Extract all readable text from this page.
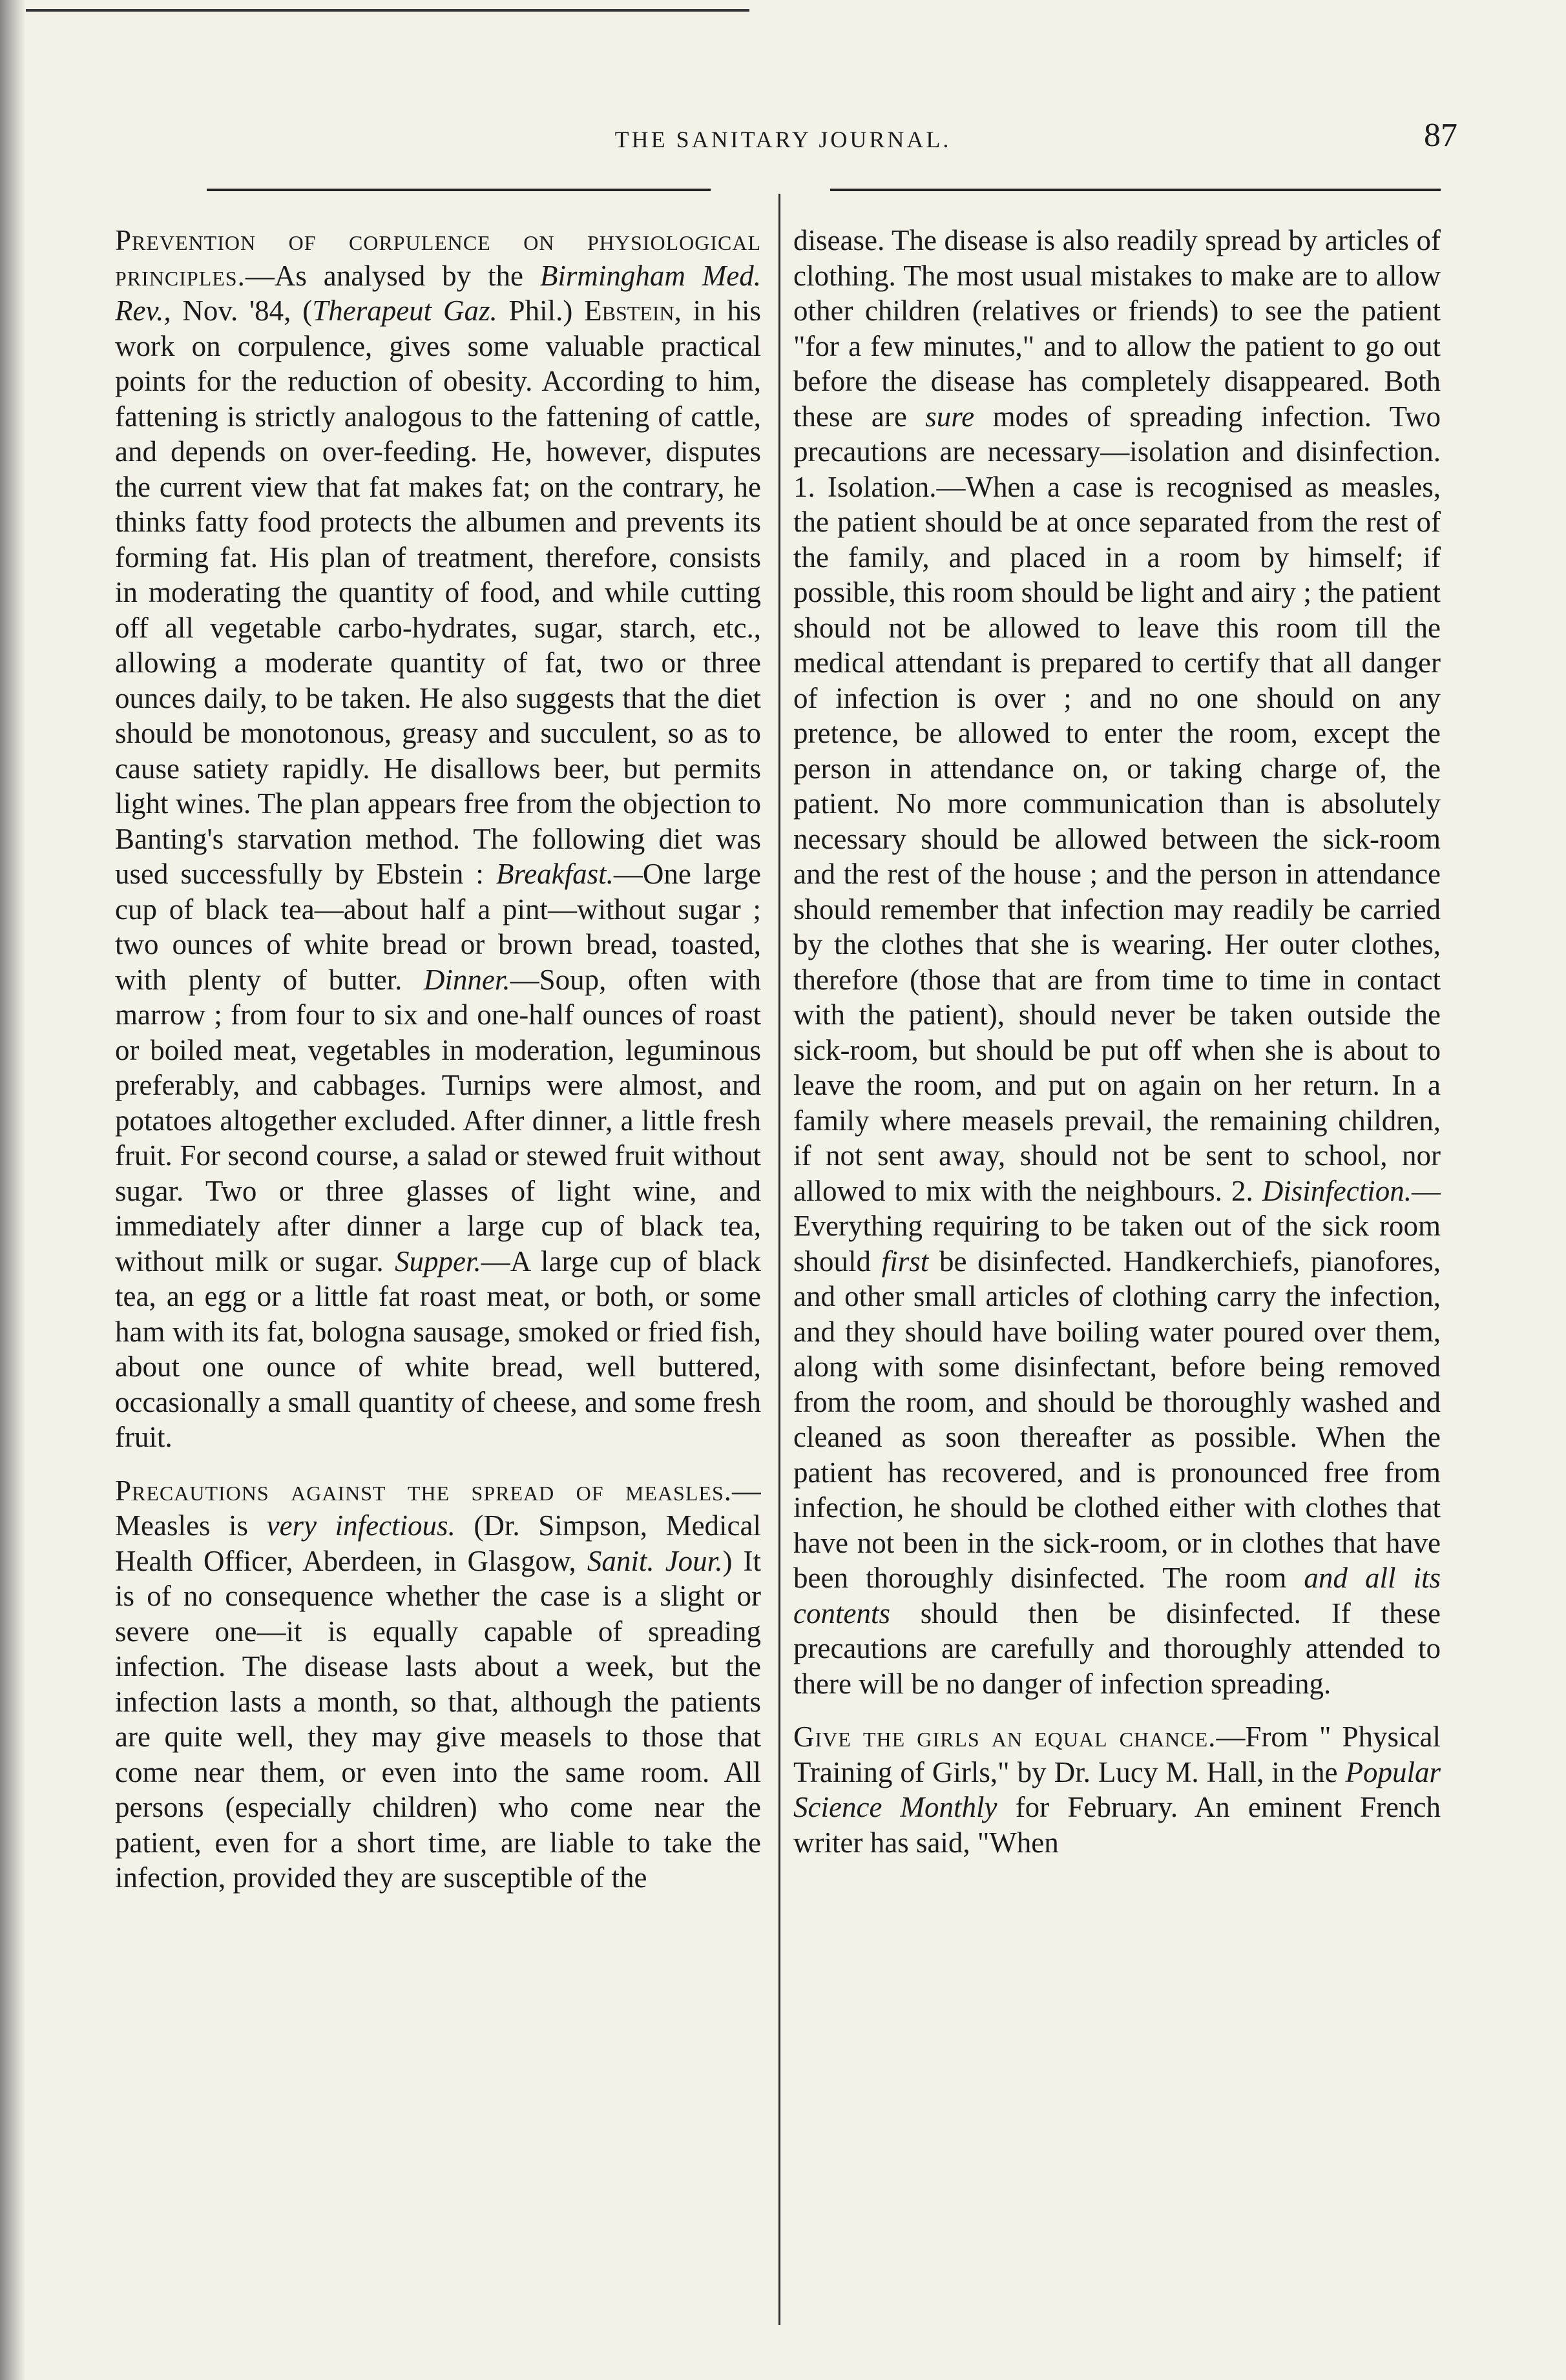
THE SANITARY JOURNAL.	87

Prevention of corpulence on physiological principles.—As analysed by the Birmingham Med. Rev., Nov. '84, (Therapeut Gaz. Phil.) Ebstein, in his work on corpulence, gives some valuable practical points for the reduction of obesity. According to him, fattening is strictly analogous to the fattening of cattle, and depends on over-feeding. He, however, disputes the current view that fat makes fat; on the contrary, he thinks fatty food protects the albumen and prevents its forming fat. His plan of treatment, therefore, consists in moderating the quantity of food, and while cutting off all vegetable carbo-hydrates, sugar, starch, etc., allowing a moderate quantity of fat, two or three ounces daily, to be taken. He also suggests that the diet should be monotonous, greasy and succulent, so as to cause satiety rapidly. He disallows beer, but permits light wines. The plan appears free from the objection to Banting's starvation method. The following diet was used successfully by Ebstein : Breakfast.—One large cup of black tea—about half a pint—without sugar ; two ounces of white bread or brown bread, toasted, with plenty of butter. Dinner.—Soup, often with marrow ; from four to six and one-half ounces of roast or boiled meat, vegetables in moderation, leguminous preferably, and cabbages. Turnips were almost, and potatoes altogether excluded. After dinner, a little fresh fruit. For second course, a salad or stewed fruit without sugar. Two or three glasses of light wine, and immediately after dinner a large cup of black tea, without milk or sugar. Supper.—A large cup of black tea, an egg or a little fat roast meat, or both, or some ham with its fat, bologna sausage, smoked or fried fish, about one ounce of white bread, well buttered, occasionally a small quantity of cheese, and some fresh fruit.

Precautions against the spread of measles.—Measles is very infectious. (Dr. Simpson, Medical Health Officer, Aberdeen, in Glasgow, Sanit. Jour.) It is of no consequence whether the case is a slight or severe one—it is equally capable of spreading infection. The disease lasts about a week, but the infection lasts a month, so that, although the patients are quite well, they may give measels to those that come near them, or even into the same room. All persons (especially children) who come near the patient, even for a short time, are liable to take the infection, provided they are susceptible of the

disease. The disease is also readily spread by articles of clothing. The most usual mistakes to make are to allow other children (relatives or friends) to see the patient "for a few minutes," and to allow the patient to go out before the disease has completely disappeared. Both these are sure modes of spreading infection. Two precautions are necessary—isolation and disinfection. 1. Isolation.—When a case is recognised as measles, the patient should be at once separated from the rest of the family, and placed in a room by himself; if possible, this room should be light and airy ; the patient should not be allowed to leave this room till the medical attendant is prepared to certify that all danger of infection is over ; and no one should on any pretence, be allowed to enter the room, except the person in attendance on, or taking charge of, the patient. No more communication than is absolutely necessary should be allowed between the sick-room and the rest of the house ; and the person in attendance should remember that infection may readily be carried by the clothes that she is wearing. Her outer clothes, therefore (those that are from time to time in contact with the patient), should never be taken outside the sick-room, but should be put off when she is about to leave the room, and put on again on her return. In a family where measels prevail, the remaining children, if not sent away, should not be sent to school, nor allowed to mix with the neighbours. 2. Disinfection.—Everything requiring to be taken out of the sick room should first be disinfected. Handkerchiefs, pianofores, and other small articles of clothing carry the infection, and they should have boiling water poured over them, along with some disinfectant, before being removed from the room, and should be thoroughly washed and cleaned as soon thereafter as possible. When the patient has recovered, and is pronounced free from infection, he should be clothed either with clothes that have not been in the sick-room, or in clothes that have been thoroughly disinfected. The room and all its contents should then be disinfected. If these precautions are carefully and thoroughly attended to there will be no danger of infection spreading.

Give the girls an equal chance.—From " Physical Training of Girls," by Dr. Lucy M. Hall, in the Popular Science Monthly for February. An eminent French writer has said, "When
